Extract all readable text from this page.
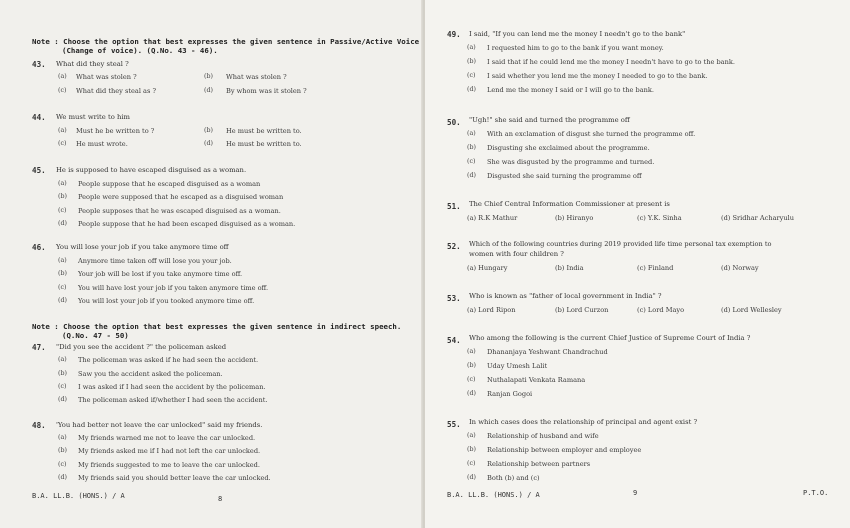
Note : Choose the option that best expresses the given sentence in Passive/Active Voice
(Change of voice). (Q.No. 43 - 46).
43. What did they steal ?
(a) What was stolen ?	(b) What was stolen ?
(c) What did they steal as ?	(d) By whom was it stolen ?
44. We must write to him
(a) Must he be written to ?	(b) He must be written to.
(c) He must wrote.	(d) He must be written to.
45. He is supposed to have escaped disguised as a woman.
(a) People suppose that he escaped disguised as a woman
(b) People were supposed that he escaped as a disguised woman
(c) People supposes that he was escaped disguised as a woman.
(d) People suppose that he had been escaped disguised as a woman.
46. You will lose your job if you take anymore time off
(a) Anymore time taken off will lose you your job.
(b) Your job will be lost if you take anymore time off.
(c) You will have lost your job if you taken anymore time off.
(d) You will lost your job if you tooked anymore time off.
Note : Choose the option that best expresses the given sentence in indirect speech.
(Q.No. 47 - 50)
47. "Did you see the accident ?" the policeman asked
(a) The policeman was asked if he had seen the accident.
(b) Saw you the accident asked the policeman.
(c) I was asked if I had seen the accident by the policeman.
(d) The policeman asked if/whether I had seen the accident.
48. 'You had better not leave the car unlocked" said my friends.
(a) My friends warned me not to leave the car unlocked.
(b) My friends asked me if I had not left the car unlocked.
(c) My friends suggested to me to leave the car unlocked.
(d) My friends said you should better leave the car unlocked.
B.A. LL.B. (HONS.) / A	8
49. I said, "If you can lend me the money I needn't go to the bank"
(a) I requested him to go to the bank if you want money.
(b) I said that if he could lend me the money I needn't have to go to the bank.
(c) I said whether you lend me the money I needed to go to the bank.
(d) Lend me the money I said or I will go to the bank.
50. "Ugh!" she said and turned the programme off
(a) With an exclamation of disgust she turned the programme off.
(b) Disgusting she exclaimed about the programme.
(c) She was disgusted by the programme and turned.
(d) Disgusted she said turning the programme off
51. The Chief Central Information Commissioner at present is
(a) R.K Mathur	(b) Hiranyo	(c) Y.K. Sinha	(d) Sridhar Acharyulu
52. Which of the following countries during 2019 provided life time personal tax exemption to
women with four children ?
(a) Hungary	(b) India	(c) Finland	(d) Norway
53. Who is known as "father of local government in India" ?
(a) Lord Ripon	(b) Lord Curzon	(c) Lord Mayo	(d) Lord Wellesley
54. Who among the following is the current Chief Justice of Supreme Court of India ?
(a) Dhananjaya Yeshwant Chandrachud
(b) Uday Umesh Lalit
(c) Nuthalapati Venkata Ramana
(d) Ranjan Gogoi
55. In which cases does the relationship of principal and agent exist ?
(a) Relationship of husband and wife
(b) Relationship between employer and employee
(c) Relationship between partners
(d) Both (b) and (c)
B.A. LL.B. (HONS.) / A	9	P.T.O.
